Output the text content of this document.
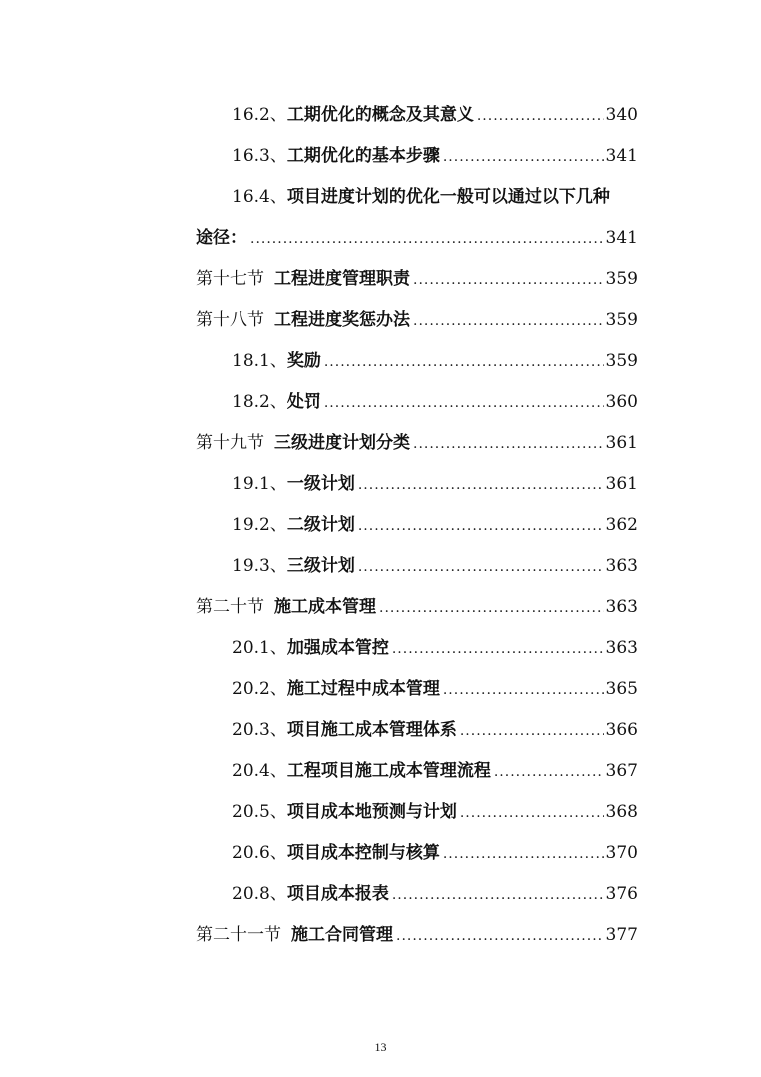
16.2、 工期优化的概念及其意义 .....	340
16.3、 工期优化的基本步骤 .....	341
16.4、 项目进度计划的优化一般可以通过以下几种
途径： .....	341
第十七节 工程进度管理职责 .....	359
第十八节 工程进度奖惩办法 .....	359
18.1、 奖励 .....	359
18.2、 处罚 .....	360
第十九节 三级进度计划分类 .....	361
19.1、 一级计划 .....	361
19.2、 二级计划 .....	362
19.3、 三级计划 .....	363
第二十节 施工成本管理 .....	363
20.1、 加强成本管控 .....	363
20.2、 施工过程中成本管理 .....	365
20.3、 项目施工成本管理体系 .....	366
20.4、 工程项目施工成本管理流程 .....	367
20.5、 项目成本地预测与计划 .....	368
20.6、 项目成本控制与核算 .....	370
20.8、 项目成本报表 .....	376
第二十一节 施工合同管理 .....	377
13
